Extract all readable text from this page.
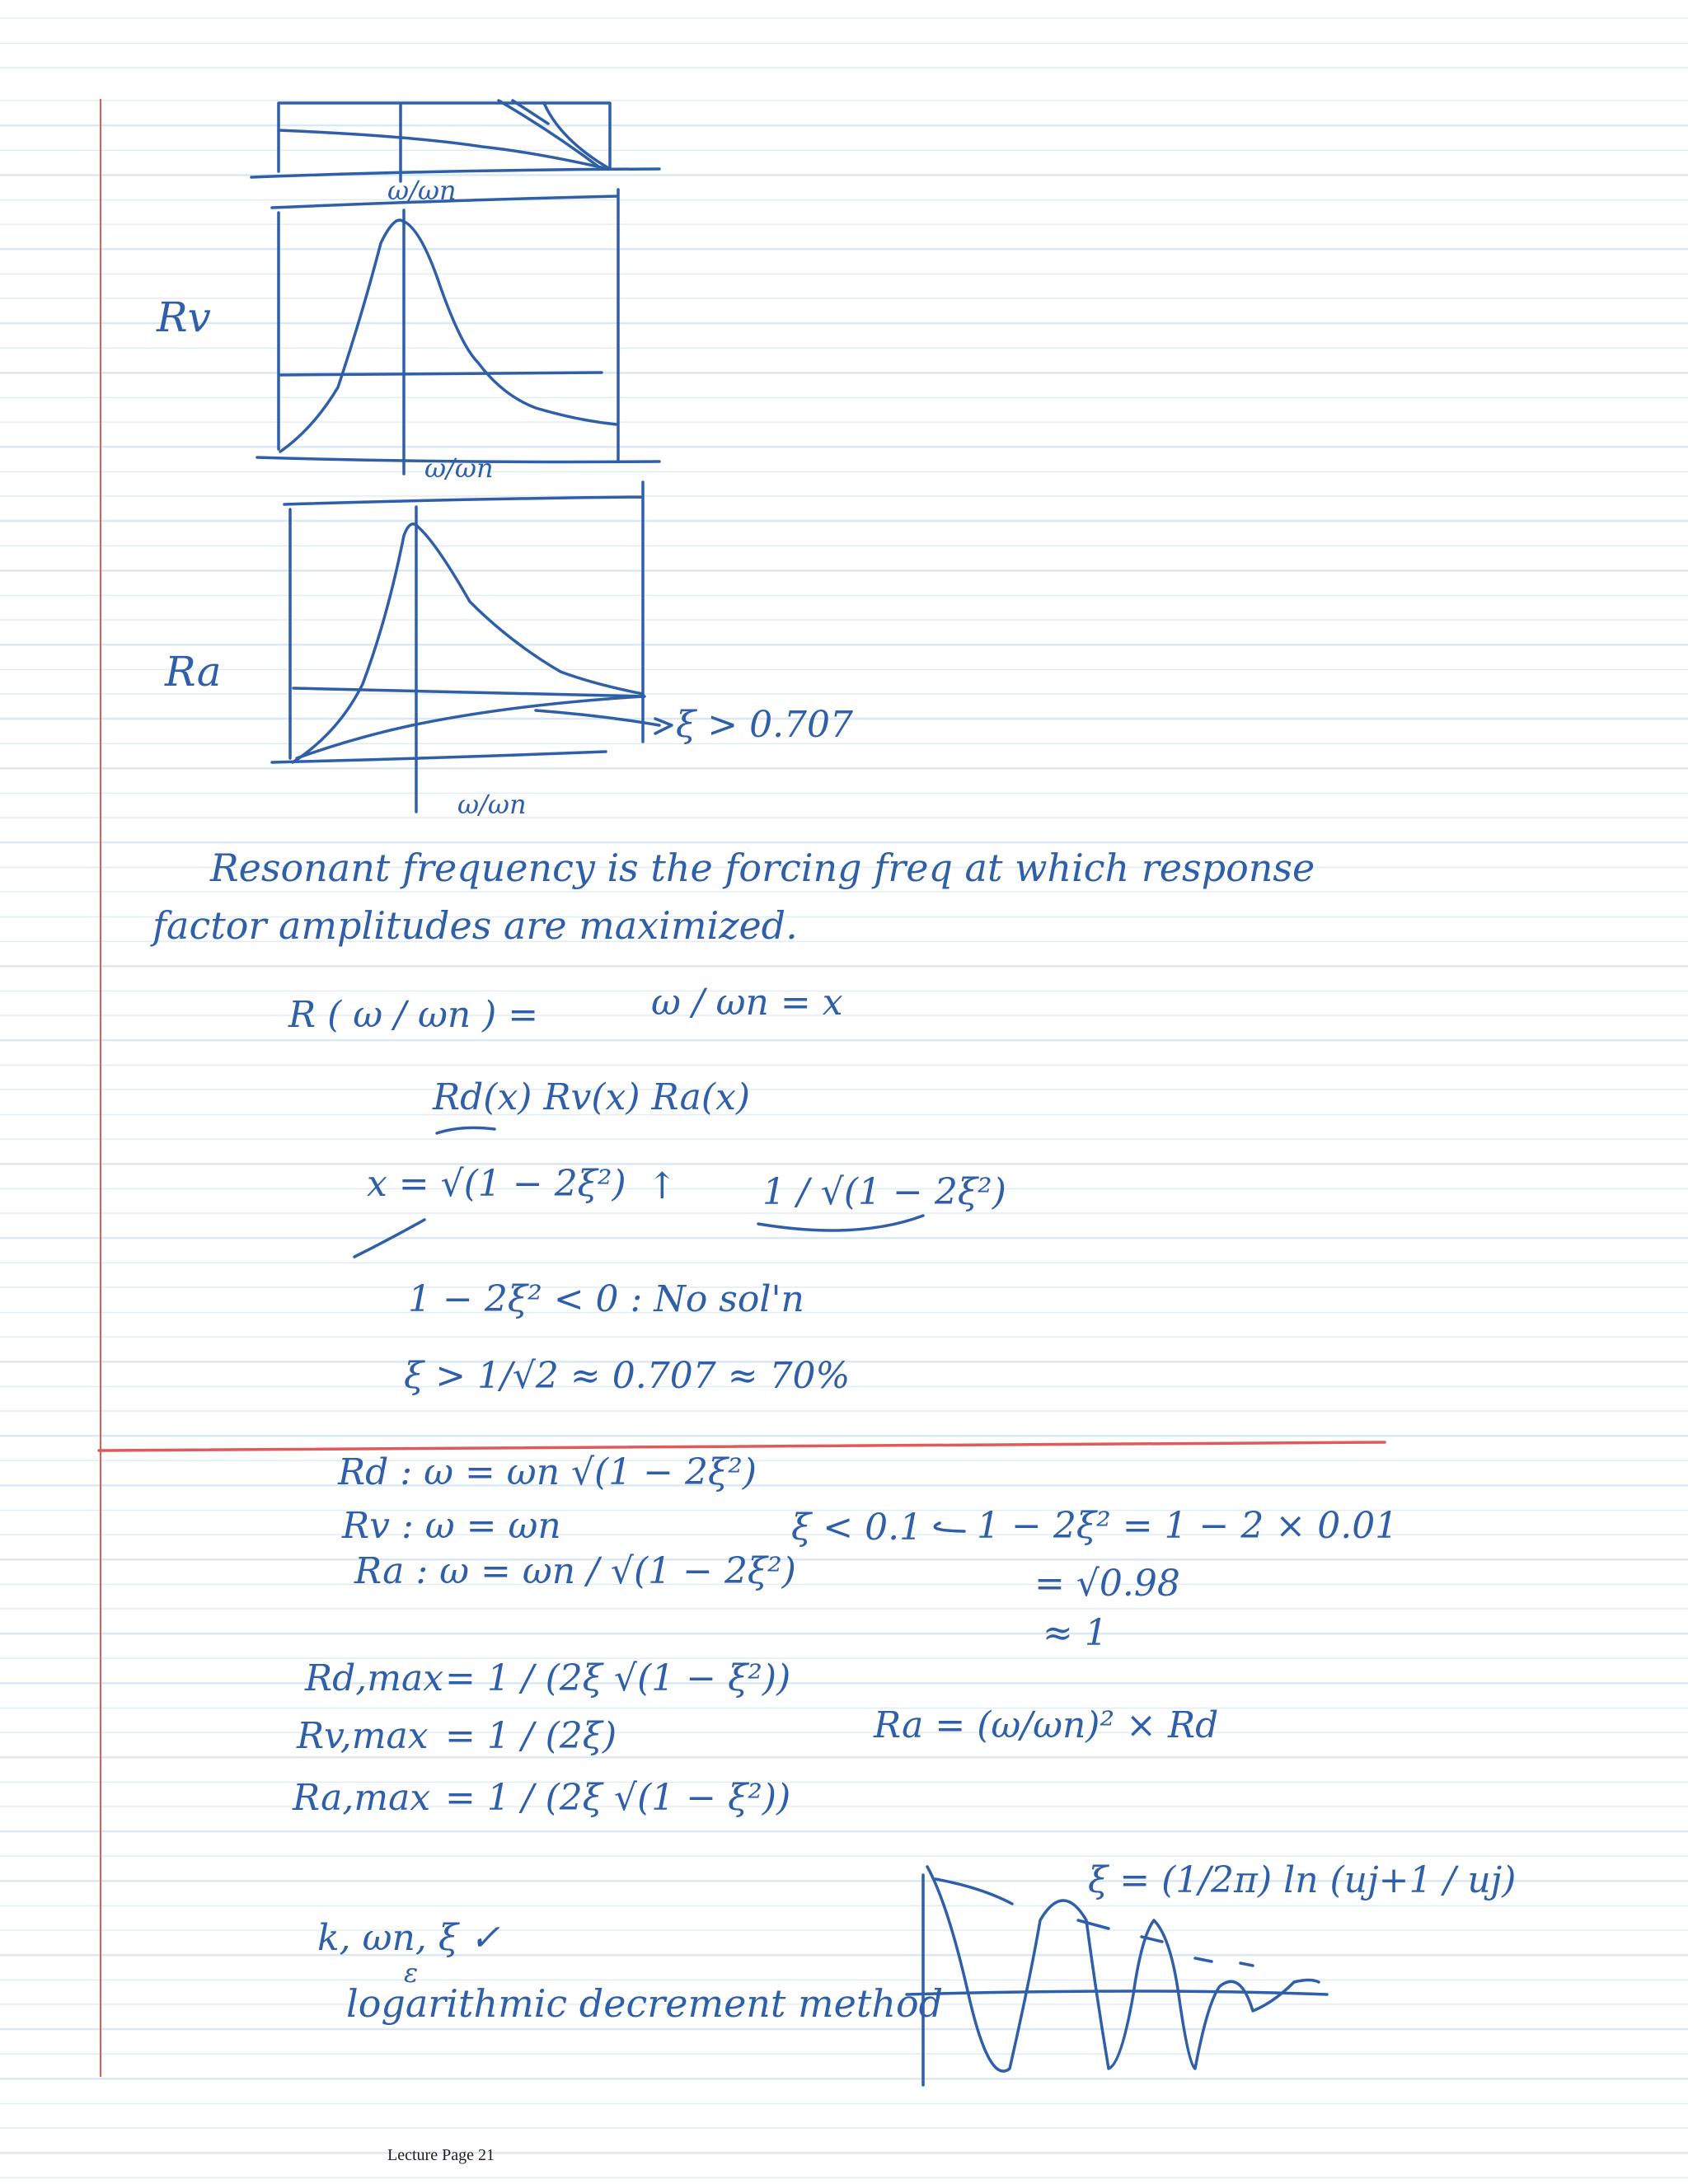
ω/ωn
Rv
ω/ωn
Ra
ξ > 0.707
ω/ωn
Resonant frequency is the forcing freq at which response
factor amplitudes are maximized.
R ( ω / ωn ) =	ω / ωn = x
Rd(x) Rv(x) Ra(x)
x = √(1 − 2ξ²) ↑ 1 / √(1 − 2ξ²)
1 − 2ξ² < 0 : No sol'n
ξ > 1/√2 ≈ 0.707 ≈ 70%
Rd : ω = ωn √(1 − 2ξ²)
Rv : ω = ωn
Ra : ω = ωn / √(1 − 2ξ²)
ξ < 0.1 1 − 2ξ² = 1 − 2 × 0.01
= √0.98
≈ 1
Rd,max = 1 / (2ξ √(1 − ξ²))
Rv,max = 1 / (2ξ)
Ra,max = 1 / (2ξ √(1 − ξ²))
Ra = (ω/ωn)² × Rd
k, ωn, ξ ✓
ε
logarithmic decrement method
ξ = (1/2π) ln (uj+1 / uj)
Lecture Page 21
